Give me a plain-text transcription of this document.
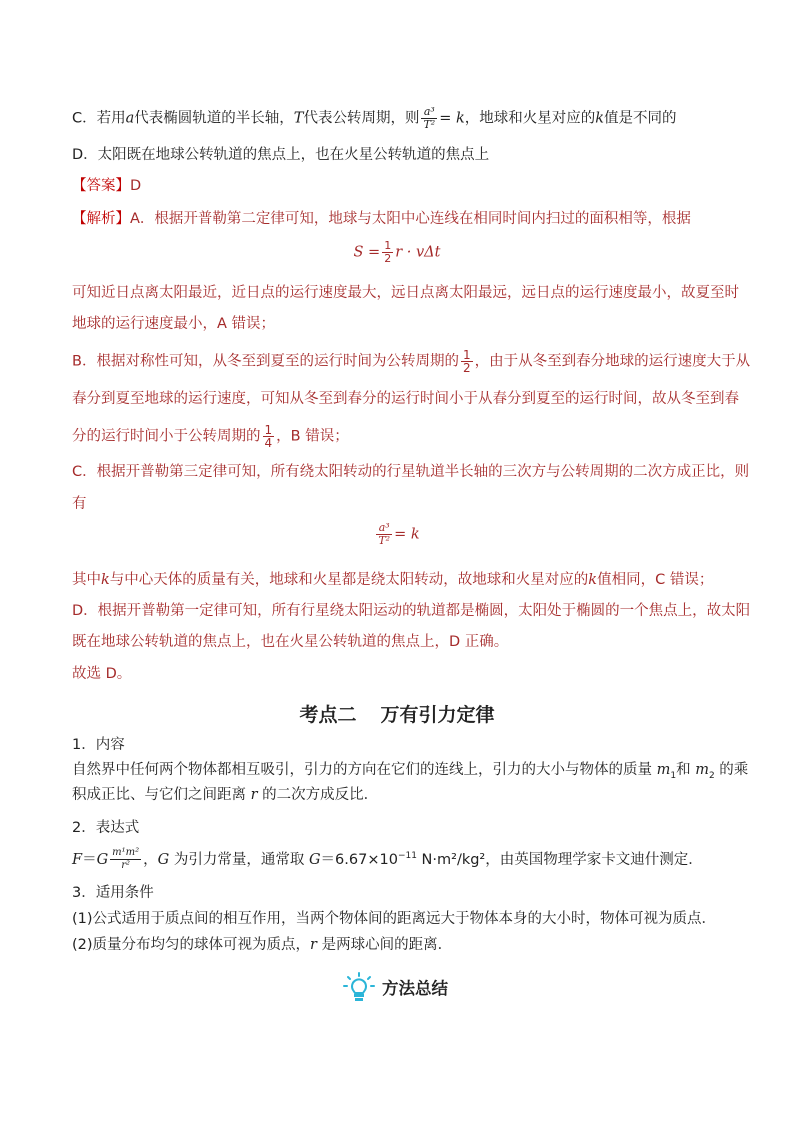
C．若用a代表椭圆轨道的半长轴，T代表公转周期，则 $\frac{\text{a³}}{\text{T²}} = k$，地球和火星对应的k值是不同的
D．太阳既在地球公转轨道的焦点上，也在火星公转轨道的焦点上
【答案】D
【解析】A．根据开普勒第二定律可知，地球与太阳中心连线在相同时间内扫过的面积相等，根据
$S = \frac{1}{2}$ r · vΔt
可知近日点离太阳最近，近日点的运行速度最大，远日点离太阳最远，远日点的运行速度最小，故夏至时
地球的运行速度最小，A 错误；
B．根据对称性可知，从冬至到夏至的运行时间为公转周期的 $\frac{1}{2}$ ，由于从冬至到春分地球的运行速度大于从
春分到夏至地球的运行速度，可知从冬至到春分的运行时间小于从春分到夏至的运行时间，故从冬至到春
分的运行时间小于公转周期的 $\frac{1}{4}$ ，B 错误；
C．根据开普勒第三定律可知，所有绕太阳转动的行星轨道半长轴的三次方与公转周期的二次方成正比，则
有
$\frac{\text{a³}}{\text{T²}} = k$
其中k与中心天体的质量有关，地球和火星都是绕太阳转动，故地球和火星对应的k值相同，C 错误；
D．根据开普勒第一定律可知，所有行星绕太阳运动的轨道都是椭圆，太阳处于椭圆的一个焦点上，故太阳
既在地球公转轨道的焦点上，也在火星公转轨道的焦点上，D 正确。
故选 D。
考点二 万有引力定律
1．内容
自然界中任何两个物体都相互吸引，引力的方向在它们的连线上，引力的大小与物体的质量 $m_1$和 $m_2$ 的乘
积成正比、与它们之间距离 r 的二次方成反比．
2．表达式
$F=G \frac{\text{m¹m²}}{\text{r²}}$ ，G 为引力常量，通常取 $G=6.67\times 10^{-11}$ N·m²/kg²，由英国物理学家卡文迪什测定．
3．适用条件
(1)公式适用于质点间的相互作用，当两个物体间的距离远大于物体本身的大小时，物体可视为质点．
(2)质量分布均匀的球体可视为质点，r 是两球心间的距离．
方法总结
